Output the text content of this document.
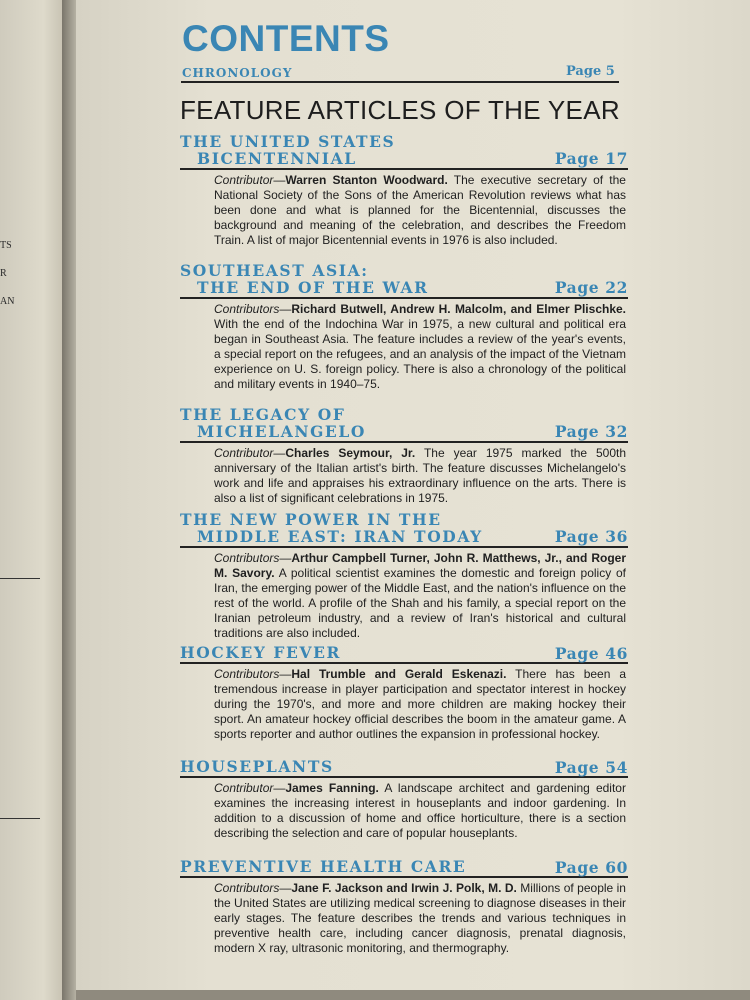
TS
R
AN
CONTENTS
CHRONOLOGY	Page 5
FEATURE ARTICLES OF THE YEAR
THE UNITED STATES
BICENTENNIAL	Page 17

Contributor—Warren Stanton Woodward. The executive secretary of the National Society of the Sons of the American Revolution reviews what has been done and what is planned for the Bicentennial, discusses the background and meaning of the celebration, and describes the Freedom Train. A list of major Bicentennial events in 1976 is also included.

SOUTHEAST ASIA:
THE END OF THE WAR	Page 22

Contributors—Richard Butwell, Andrew H. Malcolm, and Elmer Plischke. With the end of the Indochina War in 1975, a new cultural and political era began in Southeast Asia. The feature includes a review of the year's events, a special report on the refugees, and an analysis of the impact of the Vietnam experience on U. S. foreign policy. There is also a chronology of the political and military events in 1940–75.

THE LEGACY OF
MICHELANGELO	Page 32

Contributor—Charles Seymour, Jr. The year 1975 marked the 500th anniversary of the Italian artist's birth. The feature discusses Michelangelo's work and life and appraises his extraordinary influence on the arts. There is also a list of significant celebrations in 1975.

THE NEW POWER IN THE
MIDDLE EAST: IRAN TODAY	Page 36

Contributors—Arthur Campbell Turner, John R. Matthews, Jr., and Roger M. Savory. A political scientist examines the domestic and foreign policy of Iran, the emerging power of the Middle East, and the nation's influence on the rest of the world. A profile of the Shah and his family, a special report on the Iranian petroleum industry, and a review of Iran's historical and cultural traditions are also included.

HOCKEY FEVER	Page 46

Contributors—Hal Trumble and Gerald Eskenazi. There has been a tremendous increase in player participation and spectator interest in hockey during the 1970's, and more and more children are making hockey their sport. An amateur hockey official describes the boom in the amateur game. A sports reporter and author outlines the expansion in professional hockey.

HOUSEPLANTS	Page 54

Contributor—James Fanning. A landscape architect and gardening editor examines the increasing interest in houseplants and indoor gardening. In addition to a discussion of home and office horticulture, there is a section describing the selection and care of popular houseplants.

PREVENTIVE HEALTH CARE	Page 60

Contributors—Jane F. Jackson and Irwin J. Polk, M. D. Millions of people in the United States are utilizing medical screening to diagnose diseases in their early stages. The feature describes the trends and various techniques in preventive health care, including cancer diagnosis, prenatal diagnosis, modern X ray, ultrasonic monitoring, and thermography.
